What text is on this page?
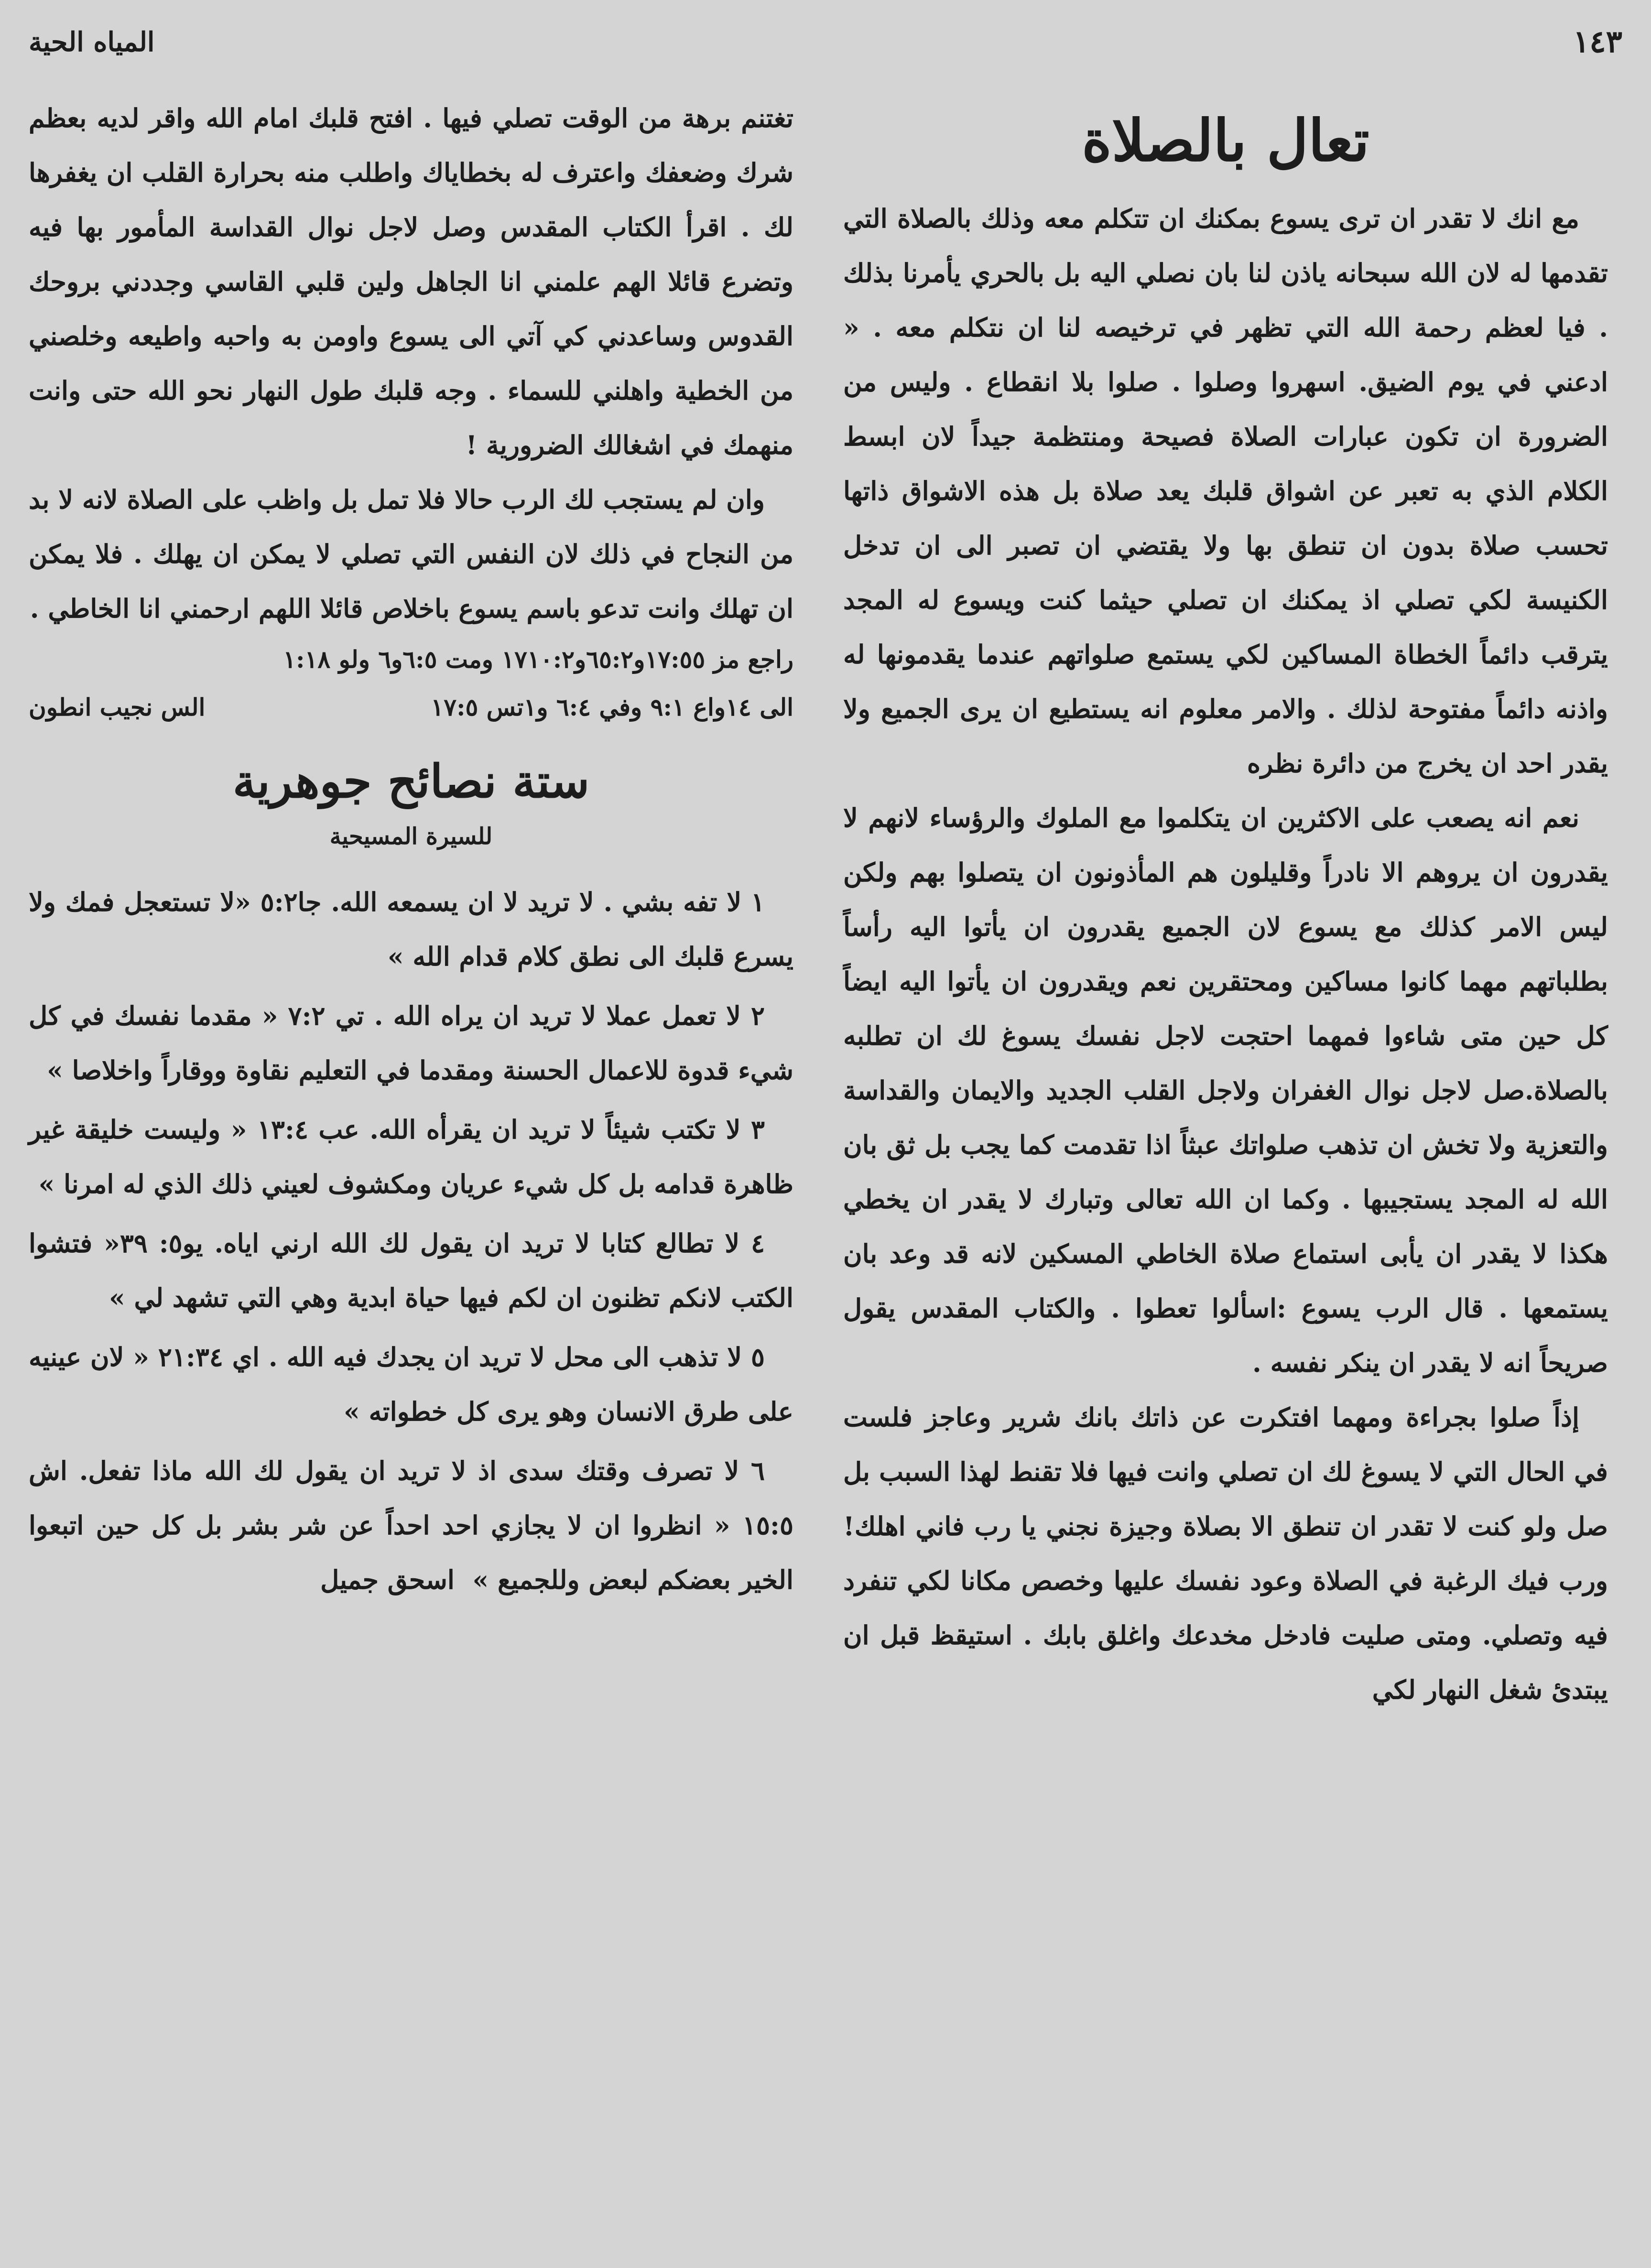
١٤٣
المياه الحية
تعال بالصلاة

مع انك لا تقدر ان ترى يسوع بمكنك ان تتكلم معه وذلك بالصلاة التي تقدمها له لان الله سبحانه ياذن لنا بان نصلي اليه بل بالحري يأمرنا بذلك . فيا لعظم رحمة الله التي تظهر في ترخيصه لنا ان نتكلم معه . « ادعني في يوم الضيق. اسهروا وصلوا . صلوا بلا انقطاع . وليس من الضرورة ان تكون عبارات الصلاة فصيحة ومنتظمة جيداً لان ابسط الكلام الذي به تعبر عن اشواق قلبك يعد صلاة بل هذه الاشواق ذاتها تحسب صلاة بدون ان تنطق بها ولا يقتضي ان تصبر الى ان تدخل الكنيسة لكي تصلي اذ يمكنك ان تصلي حيثما كنت ويسوع له المجد يترقب دائماً الخطاة المساكين لكي يستمع صلواتهم عندما يقدمونها له واذنه دائماً مفتوحة لذلك . والامر معلوم انه يستطيع ان يرى الجميع ولا يقدر احد ان يخرج من دائرة نظره

نعم انه يصعب على الاكثرين ان يتكلموا مع الملوك والرؤساء لانهم لا يقدرون ان يروهم الا نادراً وقليلون هم المأذونون ان يتصلوا بهم ولكن ليس الامر كذلك مع يسوع لان الجميع يقدرون ان يأتوا اليه رأساً بطلباتهم مهما كانوا مساكين ومحتقرين نعم ويقدرون ان يأتوا اليه ايضاً كل حين متى شاءوا فمهما احتجت لاجل نفسك يسوغ لك ان تطلبه بالصلاة.صل لاجل نوال الغفران ولاجل القلب الجديد والايمان والقداسة والتعزية ولا تخش ان تذهب صلواتك عبثاً اذا تقدمت كما يجب بل ثق بان الله له المجد يستجيبها . وكما ان الله تعالى وتبارك لا يقدر ان يخطي هكذا لا يقدر ان يأبى استماع صلاة الخاطي المسكين لانه قد وعد بان يستمعها . قال الرب يسوع :اسألوا تعطوا . والكتاب المقدس يقول صريحاً انه لا يقدر ان ينكر نفسه .

إذاً صلوا بجراءة ومهما افتكرت عن ذاتك بانك شرير وعاجز فلست في الحال التي لا يسوغ لك ان تصلي وانت فيها فلا تقنط لهذا السبب بل صل ولو كنت لا تقدر ان تنطق الا بصلاة وجيزة نجني يا رب فاني اهلك! ورب فيك الرغبة في الصلاة وعود نفسك عليها وخصص مكانا لكي تنفرد فيه وتصلي. ومتى صليت فادخل مخدعك واغلق بابك . استيقظ قبل ان يبتدئ شغل النهار لكي

تغتنم برهة من الوقت تصلي فيها . افتح قلبك امام الله واقر لديه بعظم شرك وضعفك واعترف له بخطاياك واطلب منه بحرارة القلب ان يغفرها لك . اقرأ الكتاب المقدس وصل لاجل نوال القداسة المأمور بها فيه وتضرع قائلا الهم علمني انا الجاهل ولين قلبي القاسي وجددني بروحك القدوس وساعدني كي آتي الى يسوع واومن به واحبه واطيعه وخلصني من الخطية واهلني للسماء . وجه قلبك طول النهار نحو الله حتى وانت منهمك في اشغالك الضرورية !

وان لم يستجب لك الرب حالا فلا تمل بل واظب على الصلاة لانه لا بد من النجاح في ذلك لان النفس التي تصلي لا يمكن ان يهلك . فلا يمكن ان تهلك وانت تدعو باسم يسوع باخلاص قائلا اللهم ارحمني انا الخاطي .

راجع مز ١٧:٥٥و٦٥:٢و١٧١٠:٢ ومت ٦:٥و٦ ولو ١:١٨
الى ١٤واع ٩:١ وفي ٦:٤ و١تس ١٧:٥
الس نجيب انطون
ستة نصائح جوهرية
للسيرة المسيحية

١ لا تفه بشي . لا تريد لا ان يسمعه الله. جا٥:٢ «لا تستعجل فمك ولا يسرع قلبك الى نطق كلام قدام الله »

٢ لا تعمل عملا لا تريد ان يراه الله . تي ٧:٢ « مقدما نفسك في كل شيء قدوة للاعمال الحسنة ومقدما في التعليم نقاوة ووقاراً واخلاصا »

٣ لا تكتب شيئاً لا تريد ان يقرأه الله. عب ١٣:٤ « وليست خليقة غير ظاهرة قدامه بل كل شيء عريان ومكشوف لعيني ذلك الذي له امرنا »

٤ لا تطالع كتابا لا تريد ان يقول لك الله ارني اياه. يو٥: ٣٩« فتشوا الكتب لانكم تظنون ان لكم فيها حياة ابدية وهي التي تشهد لي »

٥ لا تذهب الى محل لا تريد ان يجدك فيه الله . اي ٢١:٣٤ « لان عينيه على طرق الانسان وهو يرى كل خطواته »

٦ لا تصرف وقتك سدى اذ لا تريد ان يقول لك الله ماذا تفعل. اش ١٥:٥ « انظروا ان لا يجازي احد احداً عن شر بشر بل كل حين اتبعوا الخير بعضكم لبعض وللجميع »  اسحق جميل
